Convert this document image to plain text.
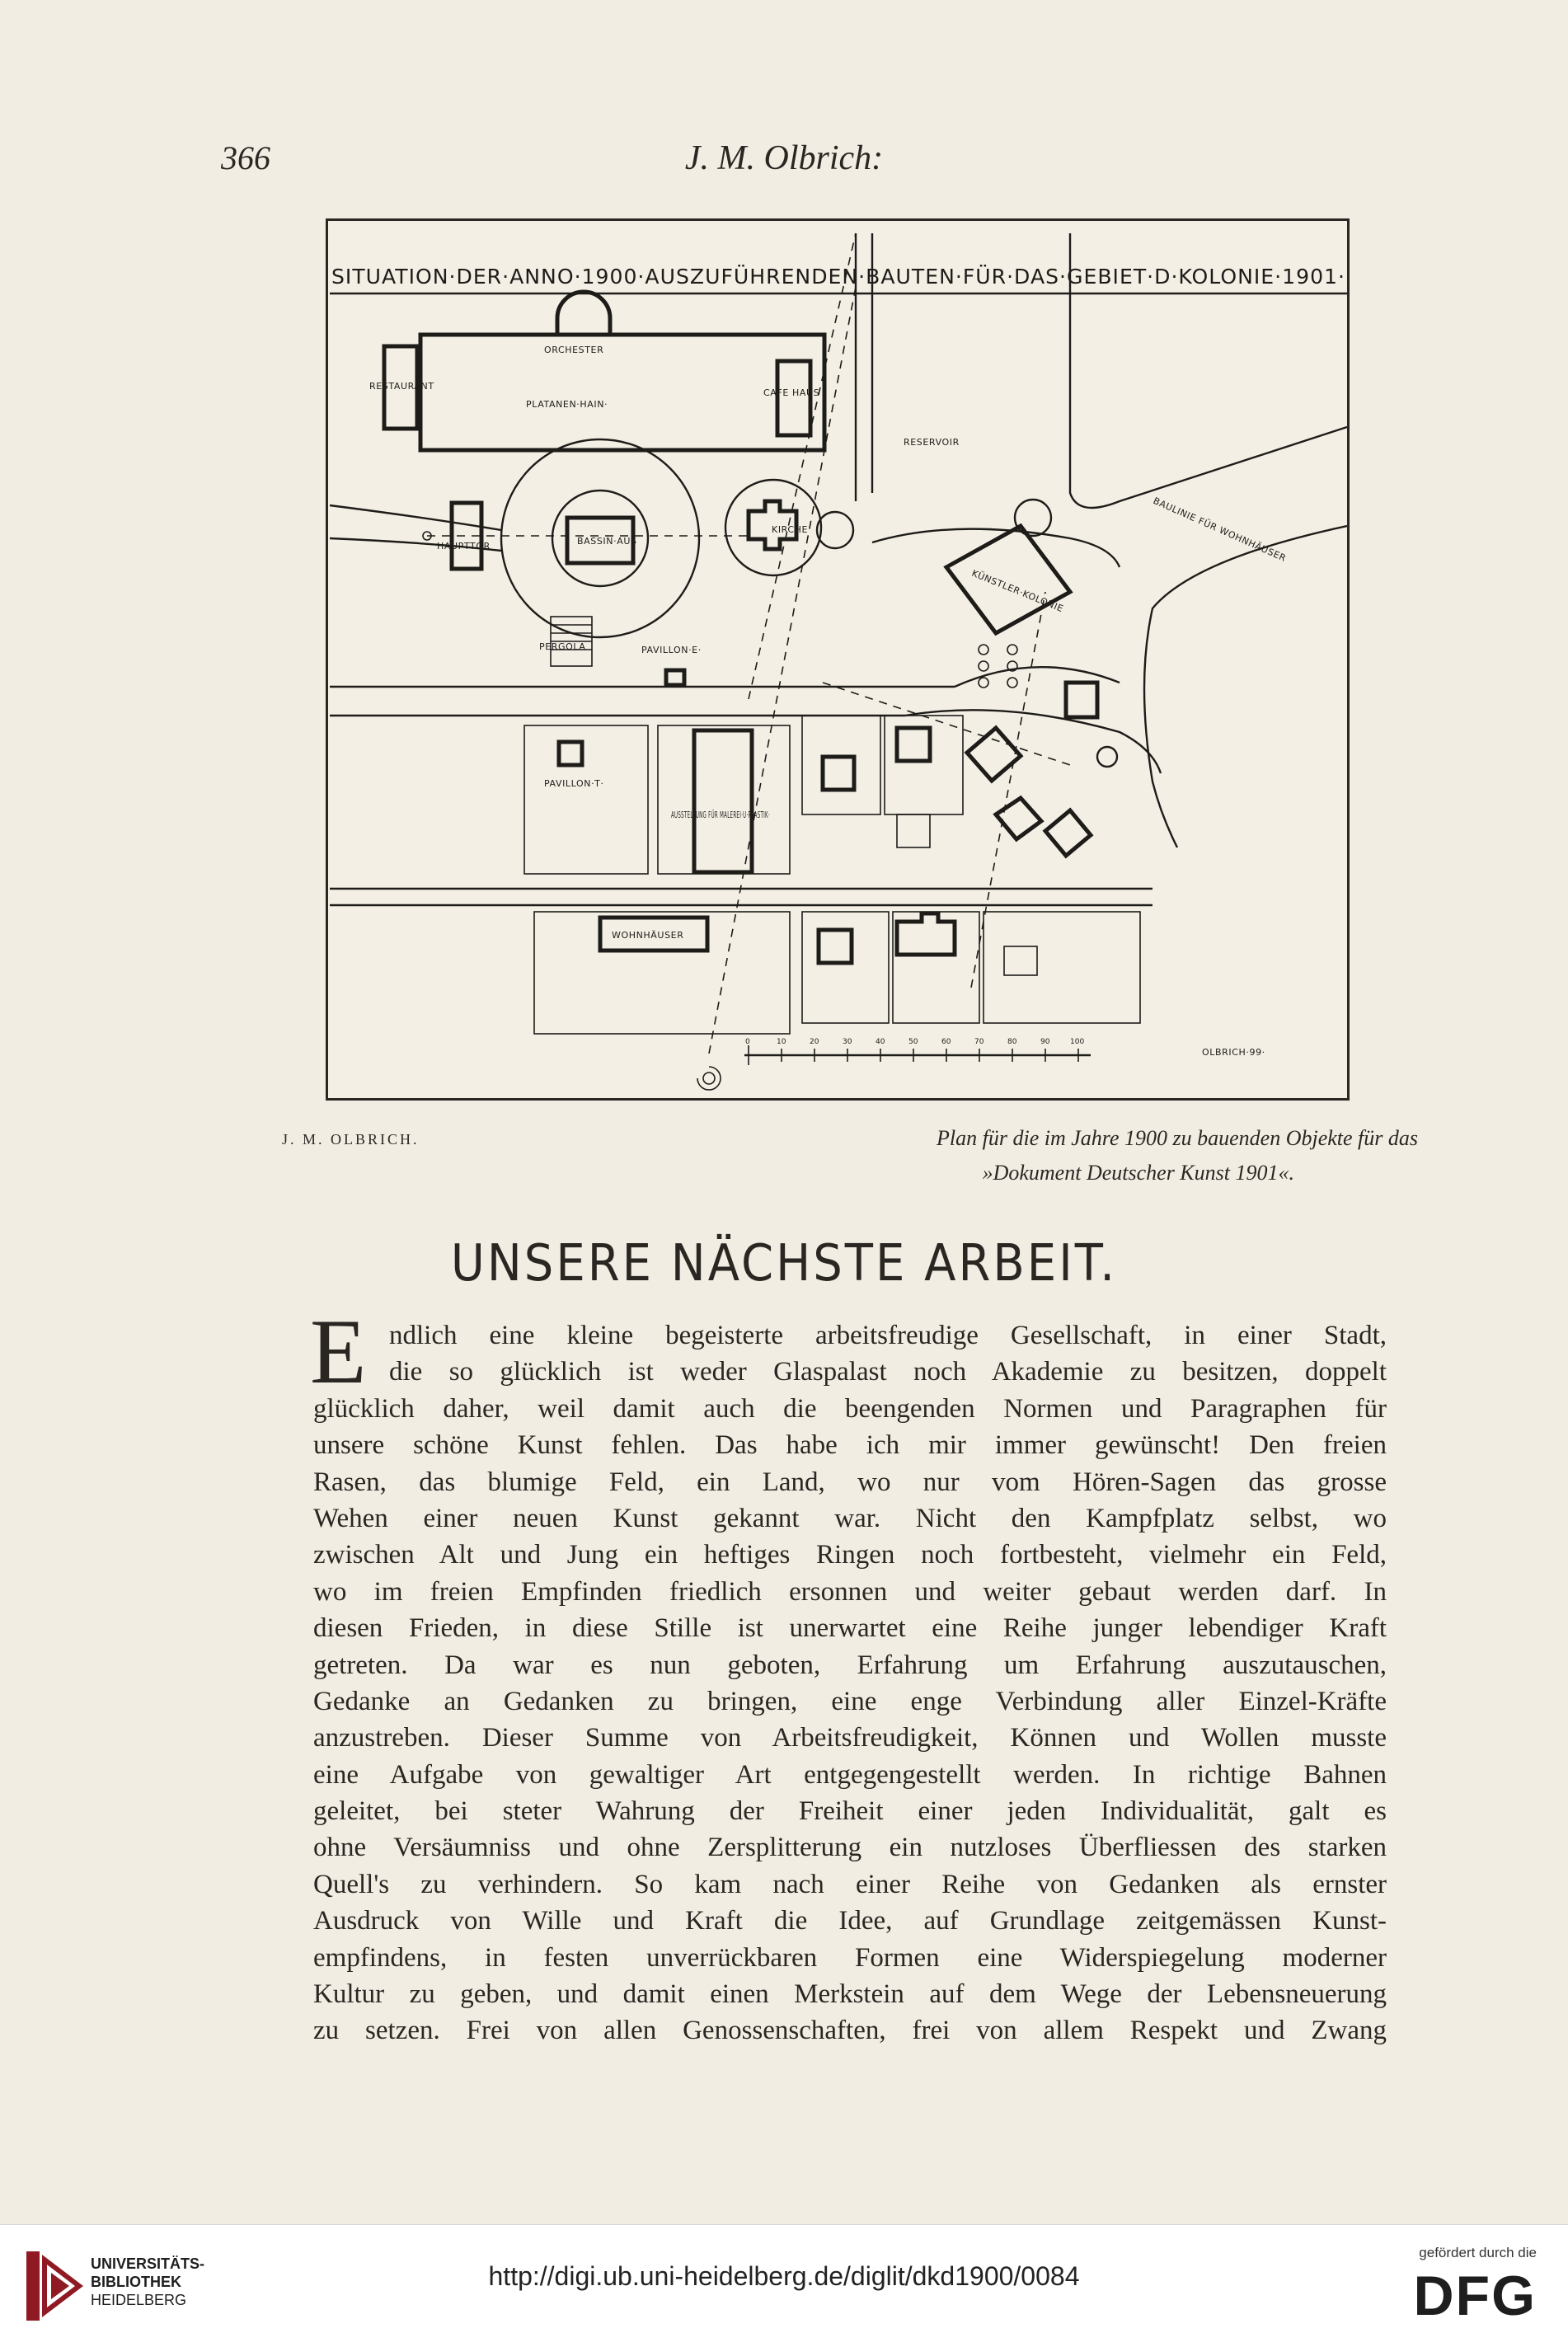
366	J. M. Olbrich:
SITUATION·DER·ANNO·1900·AUSZUFÜHRENDEN·BAUTEN·FÜR·DAS·GEBIET·D·KOLONIE·1901·
ORCHESTER
RESTAURANT
PLATANEN·HAIN·
CAFE HAUS
RESERVOIR
BAULINIE FÜR WOHNHÄUSER
HAUPTTOR	BASSIN·AUS
KIRCHE
KÜNSTLER·KOLONIE
PERGOLA	PAVILLON·E·
PAVILLON·T·
AUSSTELLUNG FÜR MALEREI·U·PLASTIK·
WOHNHÄUSER
0	10	20	30	40	50	60	70	80	90	100
OLBRICH·99·
J. M. OLBRICH.	Plan für die im Jahre 1900 zu bauenden Objekte für das
»Dokument Deutscher Kunst 1901«.
UNSERE NÄCHSTE ARBEIT.
E ndlich eine kleine begeisterte arbeitsfreudige Gesellschaft, in einer Stadt,
die so glücklich ist weder Glaspalast noch Akademie zu besitzen, doppelt
glücklich daher, weil damit auch die beengenden Normen und Paragraphen für
unsere schöne Kunst fehlen. Das habe ich mir immer gewünscht! Den freien
Rasen, das blumige Feld, ein Land, wo nur vom Hören-Sagen das grosse
Wehen einer neuen Kunst gekannt war. Nicht den Kampfplatz selbst, wo
zwischen Alt und Jung ein heftiges Ringen noch fortbesteht, vielmehr ein Feld,
wo im freien Empfinden friedlich ersonnen und weiter gebaut werden darf. In
diesen Frieden, in diese Stille ist unerwartet eine Reihe junger lebendiger Kraft
getreten. Da war es nun geboten, Erfahrung um Erfahrung auszutauschen,
Gedanke an Gedanken zu bringen, eine enge Verbindung aller Einzel-Kräfte
anzustreben. Dieser Summe von Arbeitsfreudigkeit, Können und Wollen musste
eine Aufgabe von gewaltiger Art entgegengestellt werden. In richtige Bahnen
geleitet, bei steter Wahrung der Freiheit einer jeden Individualität, galt es
ohne Versäumniss und ohne Zersplitterung ein nutzloses Überfliessen des starken
Quell's zu verhindern. So kam nach einer Reihe von Gedanken als ernster
Ausdruck von Wille und Kraft die Idee, auf Grundlage zeitgemässen Kunst-
empfindens, in festen unverrückbaren Formen eine Widerspiegelung moderner
Kultur zu geben, und damit einen Merkstein auf dem Wege der Lebensneuerung
zu setzen. Frei von allen Genossenschaften, frei von allem Respekt und Zwang
UNIVERSITÄTS-
BIBLIOTHEK
HEIDELBERG
http://digi.ub.uni-heidelberg.de/diglit/dkd1900/0084
gefördert durch die
DFG
